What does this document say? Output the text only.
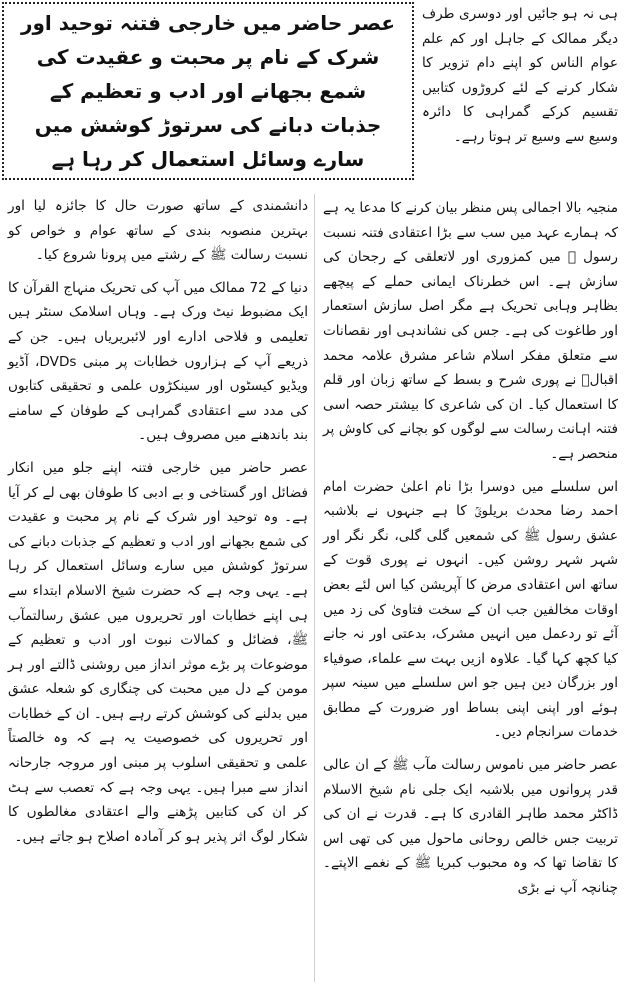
ہی نہ ہو جائیں اور دوسری طرف دیگر ممالک کے جاہل اور کم علم عوام الناس کو اپنے دام تزویر کا شکار کرنے کے لئے کروڑوں کتابیں تقسیم کرکے گمراہی کا دائرہ وسیع سے وسیع تر ہوتا رہے۔

عصر حاضر میں خارجی فتنہ توحید اور شرک کے نام پر محبت و عقیدت کی شمع بجھانے اور ادب و تعظیم کے جذبات دبانے کی سرتوڑ کوشش میں سارے وسائل استعمال کر رہا ہے

منجیہ بالا اجمالی پس منظر بیان کرنے کا مدعا یہ ہے کہ ہمارے عہد میں سب سے بڑا اعتقادی فتنہ نسبت رسول ﷺ میں کمزوری اور لاتعلقی کے رجحان کی سازش ہے۔ اس خطرناک ایمانی حملے کے پیچھے بظاہر وہابی تحریک ہے مگر اصل سازش استعمار اور طاغوت کی ہے۔ جس کی نشاندہی اور نقصانات سے متعلق مفکر اسلام شاعر مشرق علامہ محمد اقبالؒ نے پوری شرح و بسط کے ساتھ زبان اور قلم کا استعمال کیا۔ ان کی شاعری کا بیشتر حصہ اسی فتنہ اہانت رسالت سے لوگوں کو بچانے کی کاوش پر منحصر ہے۔

اس سلسلے میں دوسرا بڑا نام اعلیٰ حضرت امام احمد رضا محدث بریلویؒ کا ہے جنہوں نے بلاشبہ عشق رسول ﷺ کی شمعیں گلی گلی، نگر نگر اور شہر شہر روشن کیں۔ انہوں نے پوری قوت کے ساتھ اس اعتقادی مرض کا آپریشن کیا اس لئے بعض اوقات مخالفین جب ان کے سخت فتاویٰ کی زد میں آئے تو ردعمل میں انہیں مشرک، بدعتی اور نہ جانے کیا کچھ کہا گیا۔ علاوہ ازیں بہت سے علماء، صوفیاء اور بزرگان دین ہیں جو اس سلسلے میں سینہ سپر ہوئے اور اپنی اپنی بساط اور ضرورت کے مطابق خدمات سرانجام دیں۔

عصر حاضر میں ناموس رسالت مآب ﷺ کے ان عالی قدر پروانوں میں بلاشبہ ایک جلی نام شیخ الاسلام ڈاکٹر محمد طاہر القادری کا ہے۔ قدرت نے ان کی تربیت جس خالص روحانی ماحول میں کی تھی اس کا تقاضا تھا کہ وہ محبوب کبریا ﷺ کے نغمے الاپتے۔ چنانچہ آپ نے بڑی

دانشمندی کے ساتھ صورت حال کا جائزہ لیا اور بہترین منصوبہ بندی کے ساتھ عوام و خواص کو نسبت رسالت ﷺ کے رشتے میں پرونا شروع کیا۔

دنیا کے 72 ممالک میں آپ کی تحریک منہاج القرآن کا ایک مضبوط نیٹ ورک ہے۔ وہاں اسلامک سنٹر ہیں تعلیمی و فلاحی ادارے اور لائبریریاں ہیں۔ جن کے ذریعے آپ کے ہزاروں خطابات پر مبنی DVDs، آڈیو ویڈیو کیسٹوں اور سینکڑوں علمی و تحقیقی کتابوں کی مدد سے اعتقادی گمراہی کے طوفان کے سامنے بند باندھنے میں مصروف ہیں۔

عصر حاضر میں خارجی فتنہ اپنے جلو میں انکار فضائل اور گستاخی و بے ادبی کا طوفان بھی لے کر آیا ہے۔ وہ توحید اور شرک کے نام پر محبت و عقیدت کی شمع بجھانے اور ادب و تعظیم کے جذبات دبانے کی سرتوڑ کوشش میں سارے وسائل استعمال کر رہا ہے۔ یہی وجہ ہے کہ حضرت شیخ الاسلام ابتداء سے ہی اپنے خطابات اور تحریروں میں عشق رسالتمآب ﷺ، فضائل و کمالات نبوت اور ادب و تعظیم کے موضوعات پر بڑے موثر انداز میں روشنی ڈالتے اور ہر مومن کے دل میں محبت کی چنگاری کو شعلہ عشق میں بدلنے کی کوشش کرتے رہے ہیں۔ ان کے خطابات اور تحریروں کی خصوصیت یہ ہے کہ وہ خالصتاً علمی و تحقیقی اسلوب پر مبنی اور مروجہ جارحانہ انداز سے مبرا ہیں۔ یہی وجہ ہے کہ تعصب سے ہٹ کر ان کی کتابیں پڑھنے والے اعتقادی مغالطوں کا شکار لوگ اثر پذیر ہو کر آمادہ اصلاح ہو جاتے ہیں۔
